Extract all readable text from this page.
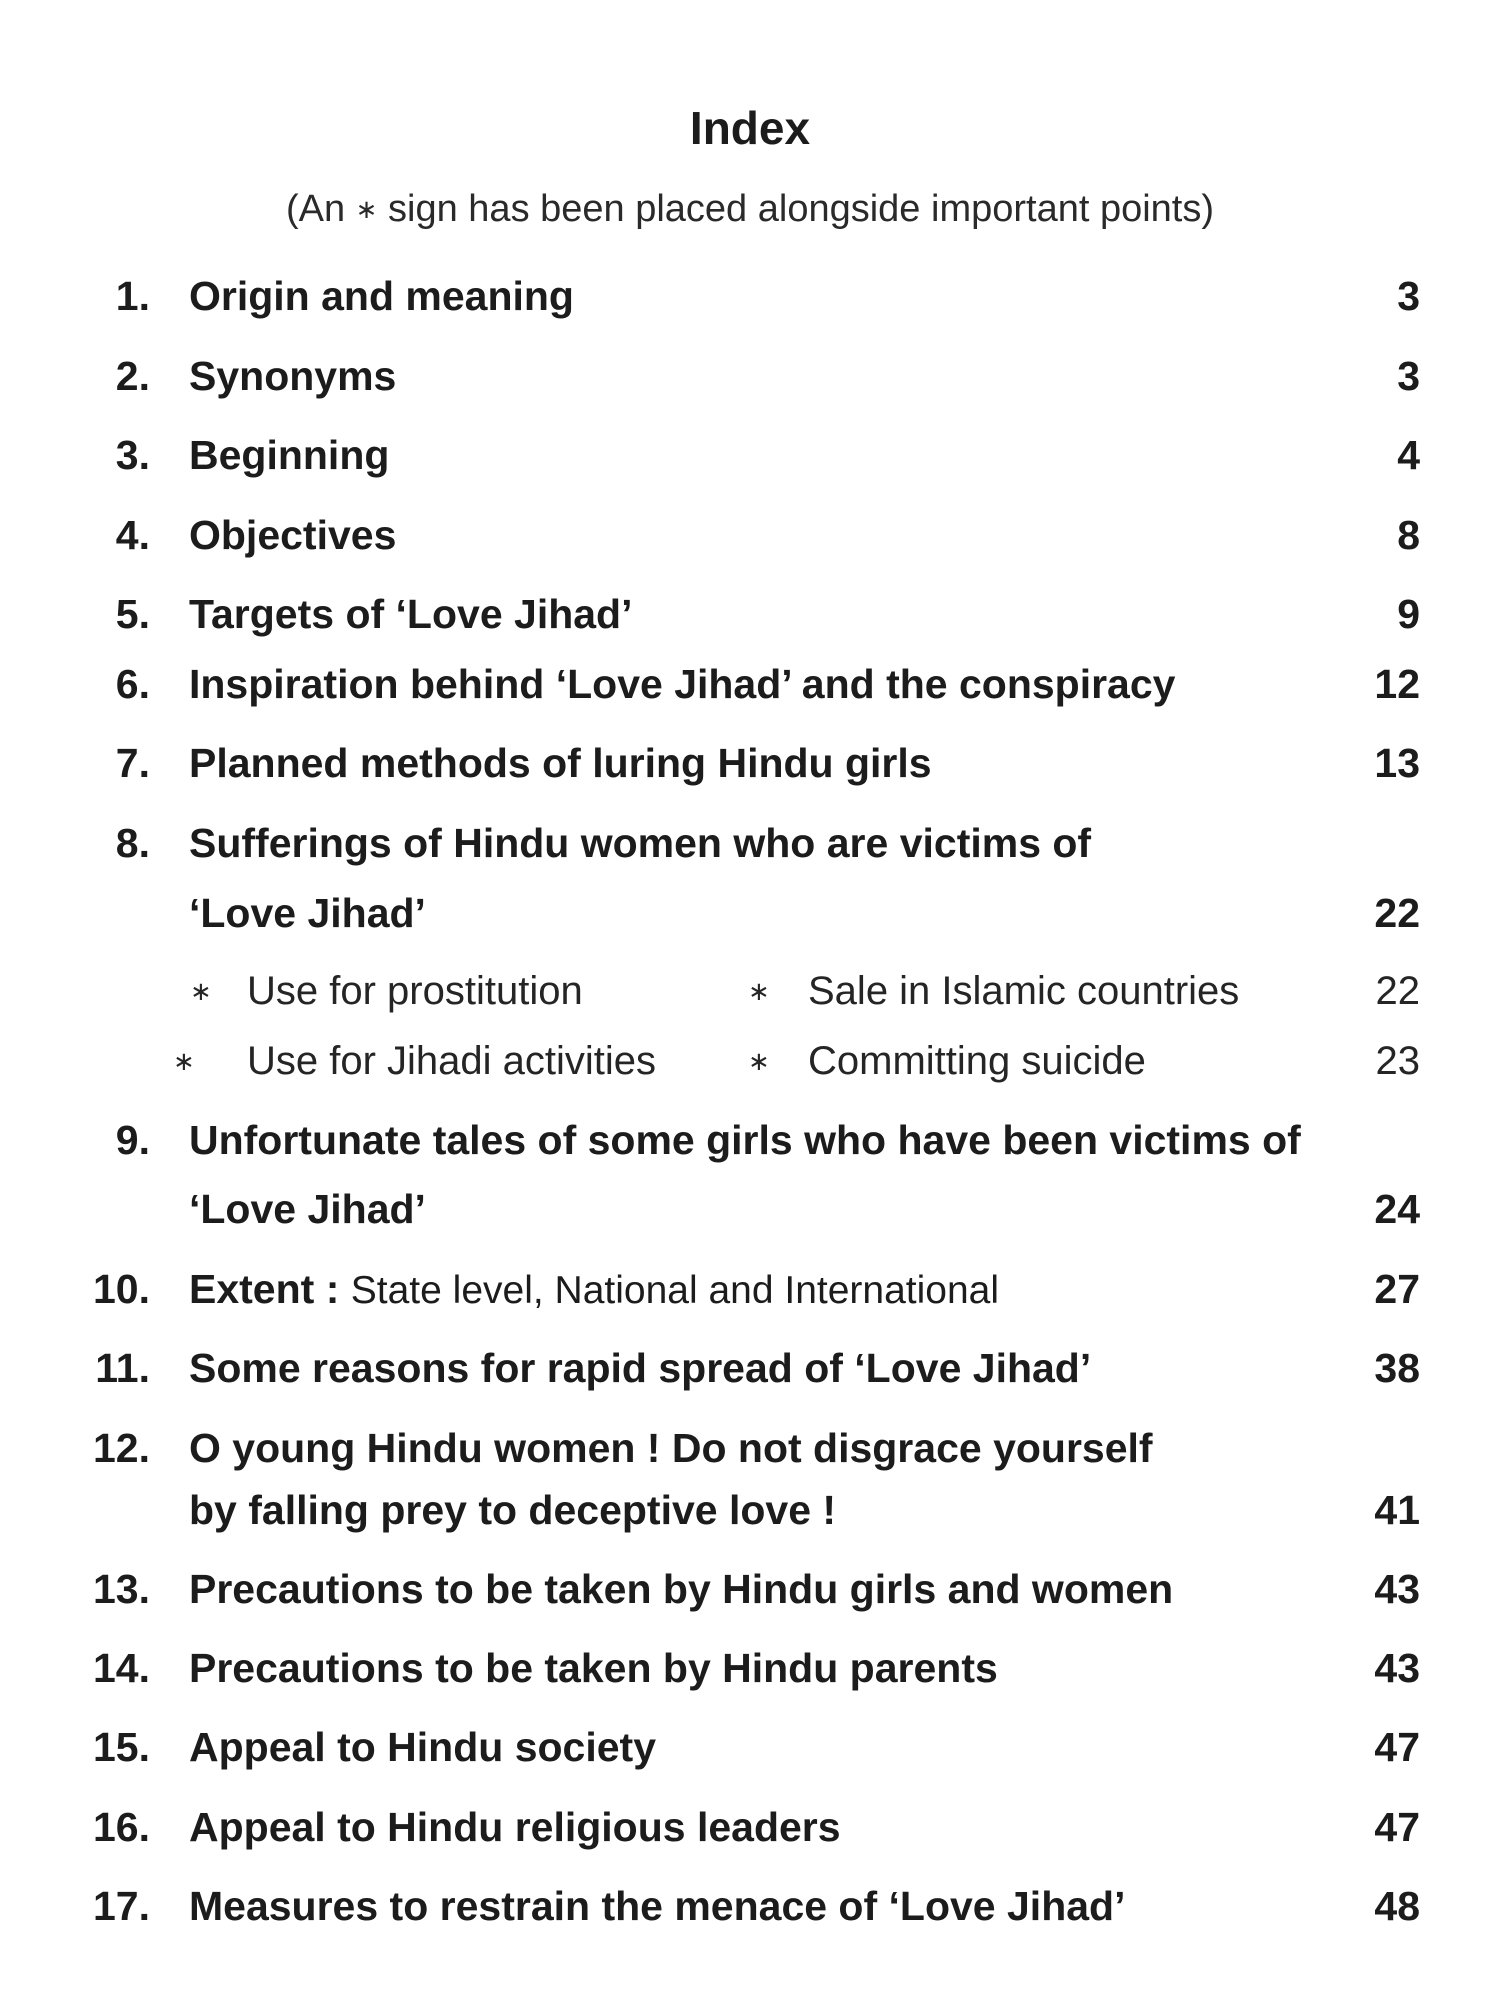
Index
(An ∗ sign has been placed alongside important points)
1. Origin and meaning	3
2. Synonyms	3
3. Beginning	4
4. Objectives	8
5. Targets of ‘Love Jihad’	9
6. Inspiration behind ‘Love Jihad’ and the conspiracy	12
7. Planned methods of luring Hindu girls	13
8. Sufferings of Hindu women who are victims of
‘Love Jihad’	22
∗ Use for prostitution	∗ Sale in Islamic countries	22
∗ Use for Jihadi activities	∗ Committing suicide	23
9. Unfortunate tales of some girls who have been victims of
‘Love Jihad’	24
10. Extent : State level, National and International	27
11. Some reasons for rapid spread of ‘Love Jihad’	38
12. O young Hindu women ! Do not disgrace yourself
by falling prey to deceptive love !	41
13. Precautions to be taken by Hindu girls and women	43
14. Precautions to be taken by Hindu parents	43
15. Appeal to Hindu society	47
16. Appeal to Hindu religious leaders	47
17. Measures to restrain the menace of ‘Love Jihad’	48
